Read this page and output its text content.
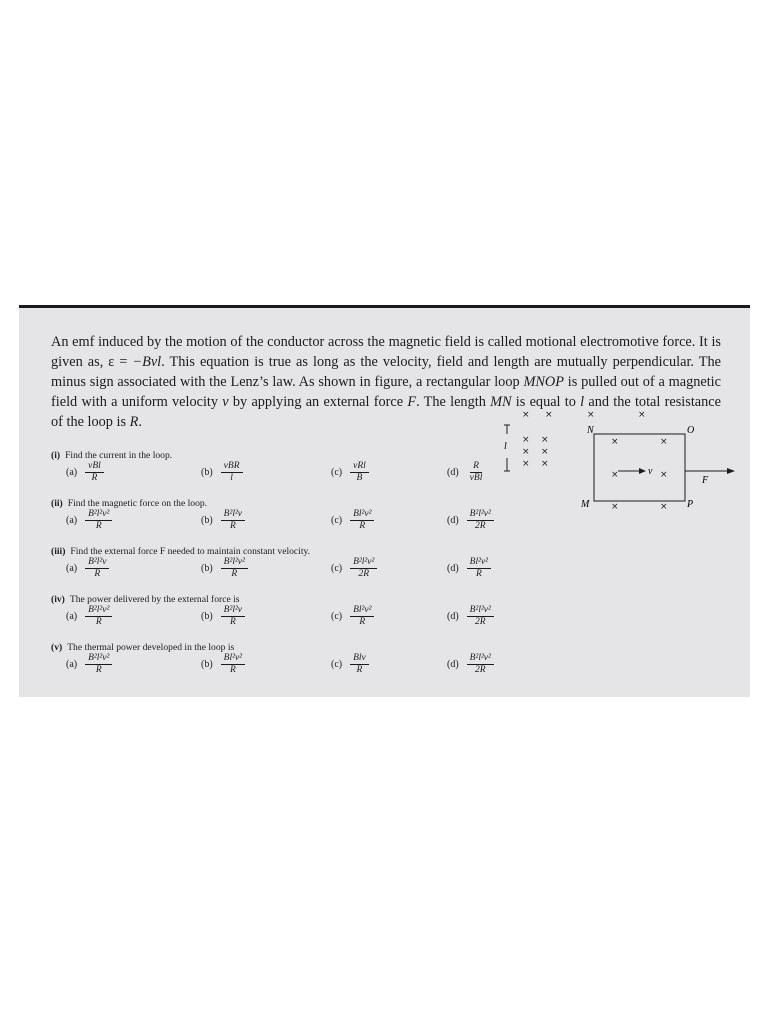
An emf induced by the motion of the conductor across the magnetic field is called motional electromotive force. It is given as, ε = −Bvl. This equation is true as long as the velocity, field and length are mutually perpendicular. The minus sign associated with the Lenz’s law. As shown in figure, a rectangular loop MNOP is pulled out of a magnetic field with a uniform velocity v by applying an external force F. The length MN is equal to l and the total resistance of the loop is R.

(i) Find the current in the loop.
$(a) \frac{\text{vBl}}{R}$	$(b) \frac{\text{vBR}}{l}$	$(c) \frac{\text{vRl}}{B}$	$(d) \frac{R}{\text{vBl}}$
(ii) Find the magnetic force on the loop.
$(a) \frac{\text{B²l²v²}}{R}$	$(b) \frac{\text{B²l²v}}{R}$	$(c) \frac{\text{Bl²v²}}{R}$	$(d) \frac{\text{B²l²v²}}{2R}$
(iii) Find the external force F needed to maintain constant velocity.
$(a) \frac{\text{B²l²v}}{R}$	$(b) \frac{\text{B²l²v²}}{R}$	$(c) \frac{\text{B²l²v²}}{2R}$	$(d) \frac{\text{Bl²v²}}{R}$
(iv) The power delivered by the external force is
$(a) \frac{\text{B²l²v²}}{R}$	$(b) \frac{\text{B²l²v}}{R}$	$(c) \frac{\text{Bl²v²}}{R}$	$(d) \frac{\text{B²l²v²}}{2R}$
(v) The thermal power developed in the loop is
$(a) \frac{\text{B²l²v²}}{R}$	$(b) \frac{\text{Bl²v²}}{R}$	$(c) \frac{\text{Blv}}{R}$	$(d) \frac{\text{B²l²v²}}{2R}$
l
× ×
× ×
× ×
× ×
×	×
×	×
×	×
×	×
N	O
M	P
v
F
